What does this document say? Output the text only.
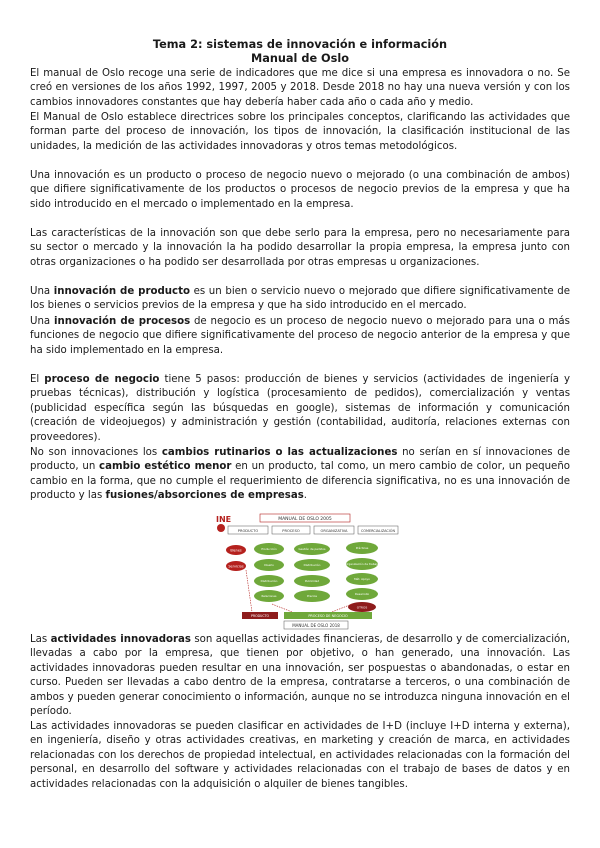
Tema 2: sistemas de innovación e información
Manual de Oslo
El manual de Oslo recoge una serie de indicadores que me dice si una empresa es innovadora o no. Se creó en versiones de los años 1992, 1997, 2005 y 2018. Desde 2018 no hay una nueva versión y con los cambios innovadores constantes que hay debería haber cada año o cada año y medio.
El Manual de Oslo establece directrices sobre los principales conceptos, clarificando las actividades que forman parte del proceso de innovación, los tipos de innovación, la clasificación institucional de las unidades, la medición de las actividades innovadoras y otros temas metodológicos.
Una innovación es un producto o proceso de negocio nuevo o mejorado (o una combinación de ambos) que difiere significativamente de los productos o procesos de negocio previos de la empresa y que ha sido introducido en el mercado o implementado en la empresa.
Las características de la innovación son que debe serlo para la empresa, pero no necesariamente para su sector o mercado y la innovación la ha podido desarrollar la propia empresa, la empresa junto con otras organizaciones o ha podido ser desarrollada por otras empresas u organizaciones.
Una innovación de producto es un bien o servicio nuevo o mejorado que difiere significativamente de los bienes o servicios previos de la empresa y que ha sido introducido en el mercado.
Una innovación de procesos de negocio es un proceso de negocio nuevo o mejorado para una o más funciones de negocio que difiere significativamente del proceso de negocio anterior de la empresa y que ha sido implementado en la empresa.
El proceso de negocio tiene 5 pasos: producción de bienes y servicios (actividades de ingeniería y pruebas técnicas), distribución y logística (procesamiento de pedidos), comercialización y ventas (publicidad específica según las búsquedas en google), sistemas de información y comunicación (creación de videojuegos) y administración y gestión (contabilidad, auditoría, relaciones externas con proveedores).
No son innovaciones los cambios rutinarios o las actualizaciones no serían en sí innovaciones de producto, un cambio estético menor en un producto, tal como, un mero cambio de color, un pequeño cambio en la forma, que no cumple el requerimiento de diferencia significativa, no es una innovación de producto y las fusiones/absorciones de empresas.
INE	MANUAL DE OSLO 2005
PRODUCTO	PROCESO	ORGANIZATIVA	COMERCIALIZACIÓN
Bienes
Servicios
Producción	Gestión de pedidos	Prácticas
Diseño	Distribución	Organización de trabajo
Distribución	Publicidad	Mét. Apoyo
Relaciones	Precios	Desarrollo
OTROS
PRODUCTO	PROCESO DE NEGOCIO
MANUAL DE OSLO 2018
Las actividades innovadoras son aquellas actividades financieras, de desarrollo y de comercialización, llevadas a cabo por la empresa, que tienen por objetivo, o han generado, una innovación. Las actividades innovadoras pueden resultar en una innovación, ser pospuestas o abandonadas, o estar en curso. Pueden ser llevadas a cabo dentro de la empresa, contratarse a terceros, o una combinación de ambos y pueden generar conocimiento o información, aunque no se introduzca ninguna innovación en el período.
Las actividades innovadoras se pueden clasificar en actividades de I+D (incluye I+D interna y externa), en ingeniería, diseño y otras actividades creativas, en marketing y creación de marca, en actividades relacionadas con los derechos de propiedad intelectual, en actividades relacionadas con la formación del personal, en desarrollo del software y actividades relacionadas con el trabajo de bases de datos y en actividades relacionadas con la adquisición o alquiler de bienes tangibles.
